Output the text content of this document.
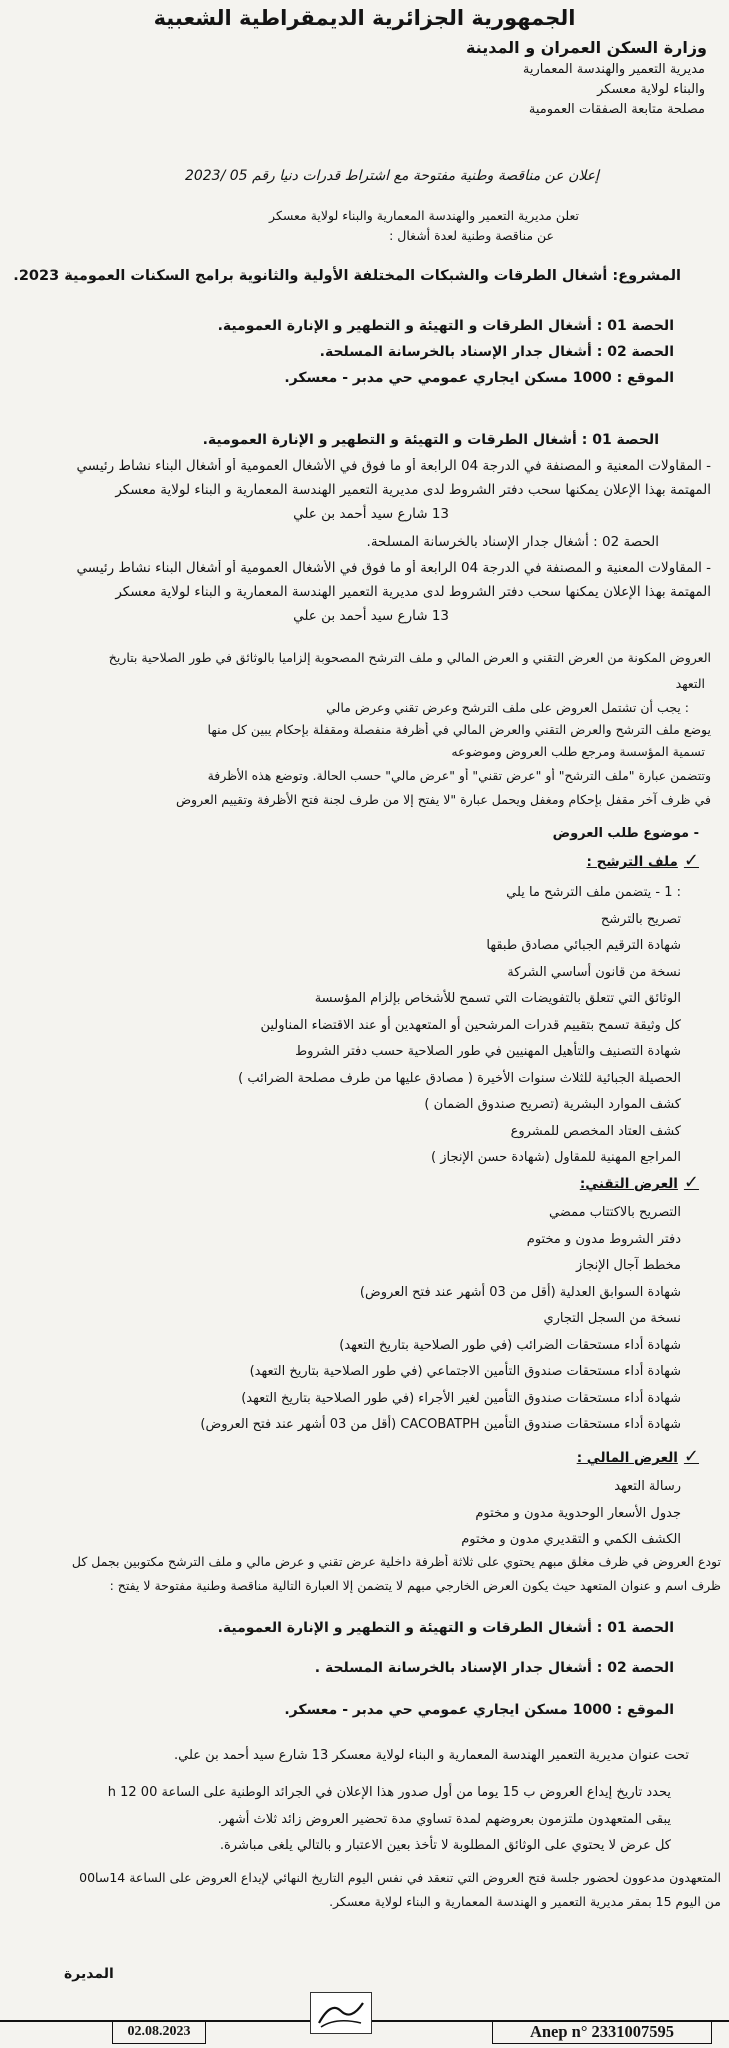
الجمهورية الجزائرية الديمقراطية الشعبية
وزارة السكن العمران و المدينة
مديرية التعمير والهندسة المعمارية
والبناء لولاية معسكر
مصلحة متابعة الصفقات العمومية
إعلان عن مناقصة وطنية مفتوحة مع اشتراط قدرات دنيا رقم 05 /2023
تعلن مديرية التعمير والهندسة المعمارية والبناء لولاية معسكر
عن مناقصة وطنية لعدة أشغال :
المشروع: أشغال الطرقات والشبكات المختلفة الأولية والثانوية برامج السكنات العمومية 2023.
الحصة 01 : أشغال الطرقات و التهيئة و التطهير و الإنارة العمومية.
الحصة 02 : أشغال جدار الإسناد بالخرسانة المسلحة.
الموقع : 1000 مسكن ايجاري عمومي حي مدبر - معسكر.
الحصة 01 : أشغال الطرقات و التهيئة و التطهير و الإنارة العمومية.
- المقاولات المعنية و المصنفة في الدرجة 04 الرابعة أو ما فوق في الأشغال العمومية أو أشغال البناء نشاط رئيسي
المهتمة بهذا الإعلان يمكنها سحب دفتر الشروط لدى مديرية التعمير الهندسة المعمارية و البناء لولاية معسكر
13 شارع سيد أحمد بن علي
الحصة 02 : أشغال جدار الإسناد بالخرسانة المسلحة.
- المقاولات المعنية و المصنفة في الدرجة 04 الرابعة أو ما فوق في الأشغال العمومية أو أشغال البناء نشاط رئيسي
المهتمة بهذا الإعلان يمكنها سحب دفتر الشروط لدى مديرية التعمير الهندسة المعمارية و البناء لولاية معسكر
13 شارع سيد أحمد بن علي
العروض المكونة من العرض التقني و العرض المالي و ملف الترشح المصحوبة إلزاميا بالوثائق في طور الصلاحية بتاريخ
التعهد
: يجب أن تشتمل العروض على ملف الترشح وعرض تقني وعرض مالي
يوضع ملف الترشح والعرض التقني والعرض المالي في أظرفة منفصلة ومقفلة بإحكام يبين كل منها
تسمية المؤسسة ومرجع طلب العروض وموضوعه
وتتضمن عبارة "ملف الترشح" أو "عرض تقني" أو "عرض مالي" حسب الحالة. وتوضع هذه الأظرفة
في ظرف آخر مقفل بإحكام ومغفل ويحمل عبارة "لا يفتح إلا من طرف لجنة فتح الأظرفة وتقييم العروض
- موضوع طلب العروض
✓ملف الترشح :
• : 1 - يتضمن ملف الترشح ما يلي
• تصريح بالترشح
• شهادة الترقيم الجبائي مصادق طبقها
• نسخة من قانون أساسي الشركة
• الوثائق التي تتعلق بالتفويضات التي تسمح للأشخاص بإلزام المؤسسة
• كل وثيقة تسمح بتقييم قدرات المرشحين أو المتعهدين أو عند الاقتضاء المناولين
• شهادة التصنيف والتأهيل المهنيين في طور الصلاحية حسب دفتر الشروط
• الحصيلة الجبائية للثلاث سنوات الأخيرة ( مصادق عليها من طرف مصلحة الضرائب )
• كشف الموارد البشرية (تصريح صندوق الضمان )
• كشف العتاد المخصص للمشروع
• المراجع المهنية للمقاول (شهادة حسن الإنجاز )
✓العرض التقني:
• التصريح بالاكتتاب ممضي
• دفتر الشروط مدون و مختوم
• مخطط آجال الإنجاز
• شهادة السوابق العدلية (أقل من 03 أشهر عند فتح العروض)
• نسخة من السجل التجاري
• شهادة أداء مستحقات الضرائب (في طور الصلاحية بتاريخ التعهد)
• شهادة أداء مستحقات صندوق التأمين الاجتماعي (في طور الصلاحية بتاريخ التعهد)
• شهادة أداء مستحقات صندوق التأمين لغير الأجراء (في طور الصلاحية بتاريخ التعهد)
• شهادة أداء مستحقات صندوق التأمين CACOBATPH (أقل من 03 أشهر عند فتح العروض)
✓العرض المالي :
• رسالة التعهد
• جدول الأسعار الوحدوية مدون و مختوم
• الكشف الكمي و التقديري مدون و مختوم
تودع العروض في ظرف مغلق مبهم يحتوي على ثلاثة أظرفة داخلية عرض تقني و عرض مالي و ملف الترشح مكتوبين بجمل كل
ظرف اسم و عنوان المتعهد حيث يكون العرض الخارجي مبهم لا يتضمن إلا العبارة التالية مناقصة وطنية مفتوحة لا يفتح :
الحصة 01 : أشغال الطرقات و التهيئة و التطهير و الإنارة العمومية.
الحصة 02 : أشغال جدار الإسناد بالخرسانة المسلحة .
الموقع : 1000 مسكن ايجاري عمومي حي مدبر - معسكر.
تحت عنوان مديرية التعمير الهندسة المعمارية و البناء لولاية معسكر 13 شارع سيد أحمد بن علي.
• يحدد تاريخ إيداع العروض ب 15 يوما من أول صدور هذا الإعلان في الجرائد الوطنية على الساعة 00 h 12
• يبقى المتعهدون ملتزمون بعروضهم لمدة تساوي مدة تحضير العروض زائد ثلاث أشهر.
• كل عرض لا يحتوي على الوثائق المطلوبة لا تأخذ بعين الاعتبار و بالتالي يلغى مباشرة.
المتعهدون مدعوون لحضور جلسة فتح العروض التي تنعقد في نفس اليوم التاريخ النهائي لإيداع العروض على الساعة 14سا00
من اليوم 15 بمقر مديرية التعمير و الهندسة المعمارية و البناء لولاية معسكر.
المديرة
02.08.2023	Anep n° 2331007595
